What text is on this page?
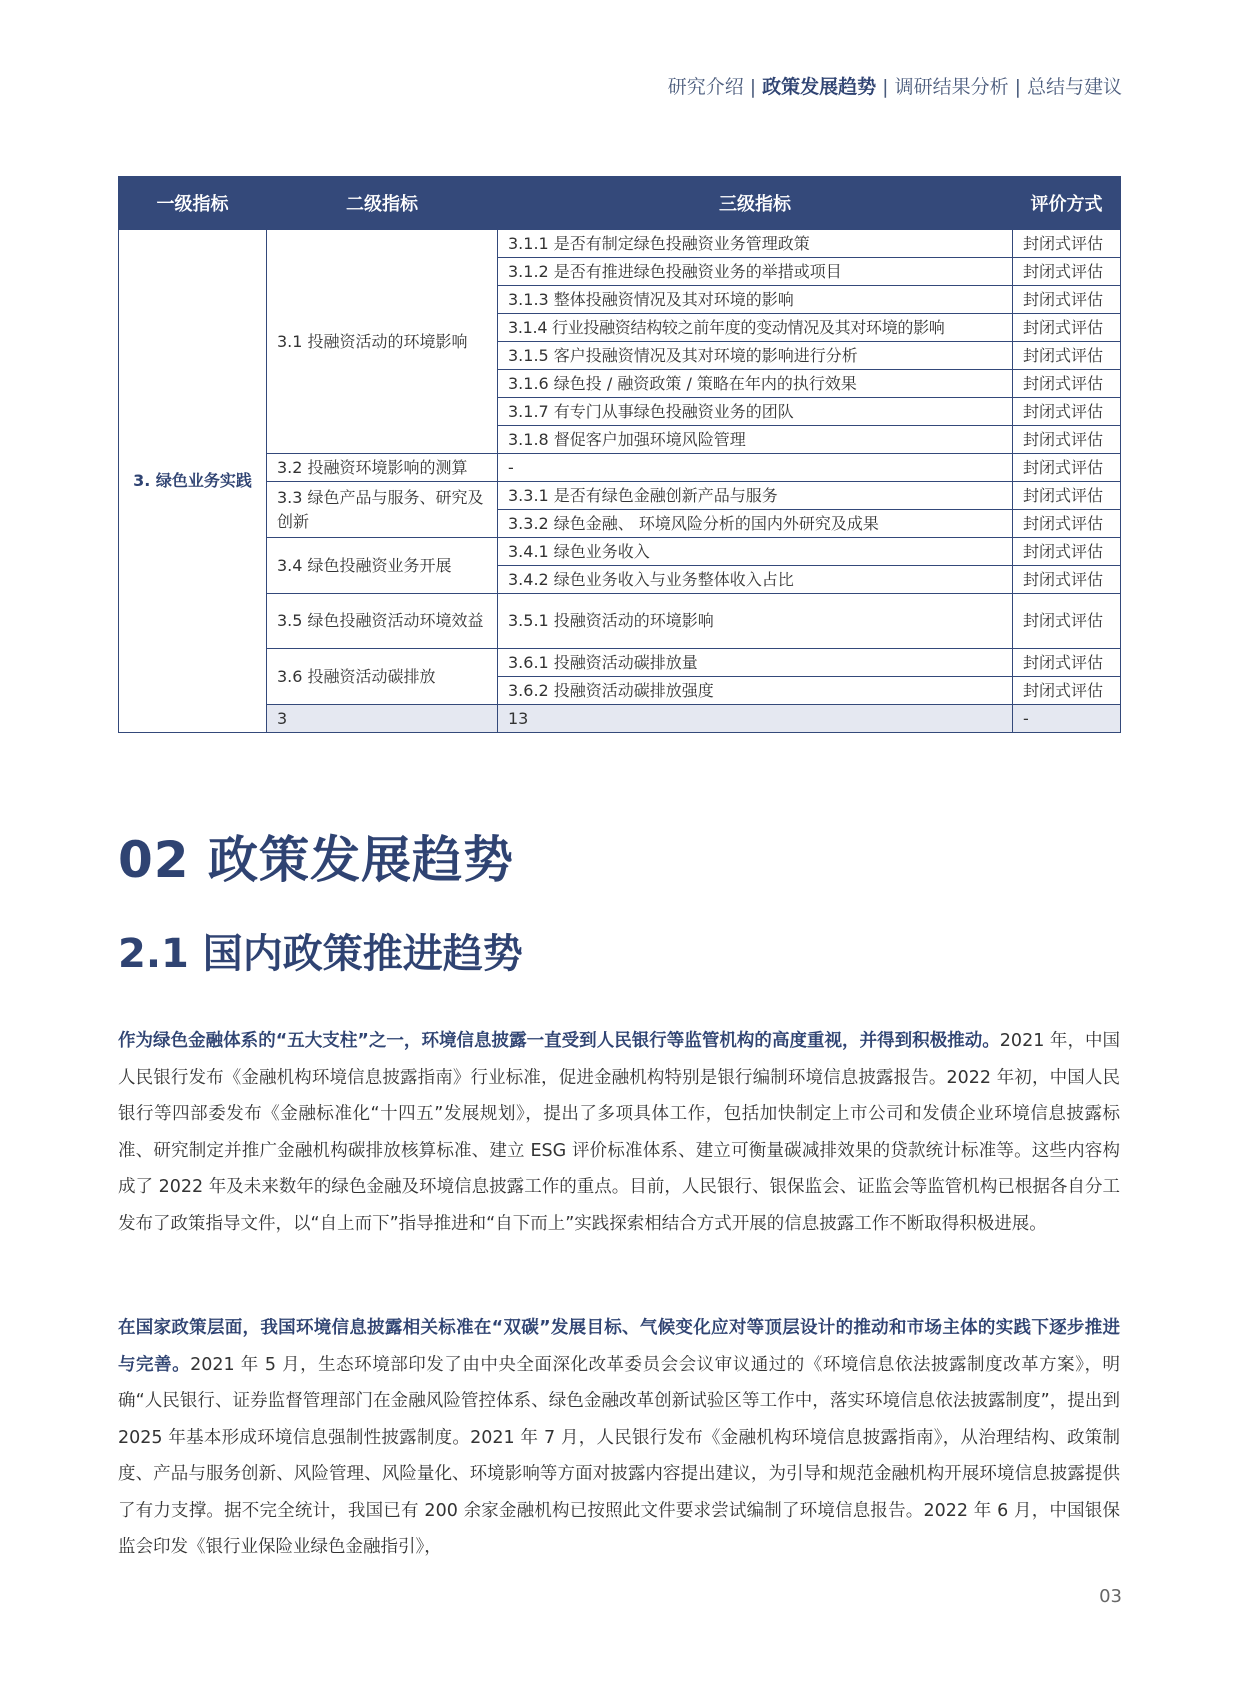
研究介绍 | 政策发展趋势 | 调研结果分析 | 总结与建议
一级指标	二级指标	三级指标	评价方式	
3. 绿色业务实践	3.1 投融资活动的环境影响	3.1.1 是否有制定绿色投融资业务管理政策	封闭式评估	
		3.1.2 是否有推进绿色投融资业务的举措或项目	封闭式评估	
		3.1.3 整体投融资情况及其对环境的影响	封闭式评估	
		3.1.4 行业投融资结构较之前年度的变动情况及其对环境的影响	封闭式评估	
		3.1.5 客户投融资情况及其对环境的影响进行分析	封闭式评估	
		3.1.6 绿色投 / 融资政策 / 策略在年内的执行效果	封闭式评估	
		3.1.7 有专门从事绿色投融资业务的团队	封闭式评估	
		3.1.8 督促客户加强环境风险管理	封闭式评估	
	3.2 投融资环境影响的测算	-	封闭式评估	
	3.3 绿色产品与服务、研究及创新	3.3.1 是否有绿色金融创新产品与服务	封闭式评估	
		3.3.2 绿色金融、 环境风险分析的国内外研究及成果	封闭式评估	
	3.4 绿色投融资业务开展	3.4.1 绿色业务收入	封闭式评估	
		3.4.2 绿色业务收入与业务整体收入占比	封闭式评估	
	3.5 绿色投融资活动环境效益	3.5.1 投融资活动的环境影响	封闭式评估	
	3.6 投融资活动碳排放	3.6.1 投融资活动碳排放量	封闭式评估	
		3.6.2 投融资活动碳排放强度	封闭式评估	
	3	13	-	
02 政策发展趋势
2.1 国内政策推进趋势

作为绿色金融体系的“五大支柱”之一，环境信息披露一直受到人民银行等监管机构的高度重视，并得到积极推动。2021 年，中国人民银行发布《金融机构环境信息披露指南》行业标准，促进金融机构特别是银行编制环境信息披露报告。2022 年初，中国人民银行等四部委发布《金融标准化“十四五”发展规划》，提出了多项具体工作，包括加快制定上市公司和发债企业环境信息披露标准、研究制定并推广金融机构碳排放核算标准、建立 ESG 评价标准体系、建立可衡量碳减排效果的贷款统计标准等。这些内容构成了 2022 年及未来数年的绿色金融及环境信息披露工作的重点。目前，人民银行、银保监会、证监会等监管机构已根据各自分工发布了政策指导文件，以“自上而下”指导推进和“自下而上”实践探索相结合方式开展的信息披露工作不断取得积极进展。

在国家政策层面，我国环境信息披露相关标准在“双碳”发展目标、气候变化应对等顶层设计的推动和市场主体的实践下逐步推进与完善。2021 年 5 月，生态环境部印发了由中央全面深化改革委员会会议审议通过的《环境信息依法披露制度改革方案》，明确“人民银行、证券监督管理部门在金融风险管控体系、绿色金融改革创新试验区等工作中，落实环境信息依法披露制度”，提出到 2025 年基本形成环境信息强制性披露制度。2021 年 7 月，人民银行发布《金融机构环境信息披露指南》，从治理结构、政策制度、产品与服务创新、风险管理、风险量化、环境影响等方面对披露内容提出建议，为引导和规范金融机构开展环境信息披露提供了有力支撑。据不完全统计，我国已有 200 余家金融机构已按照此文件要求尝试编制了环境信息报告。2022 年 6 月，中国银保监会印发《银行业保险业绿色金融指引》，

03
